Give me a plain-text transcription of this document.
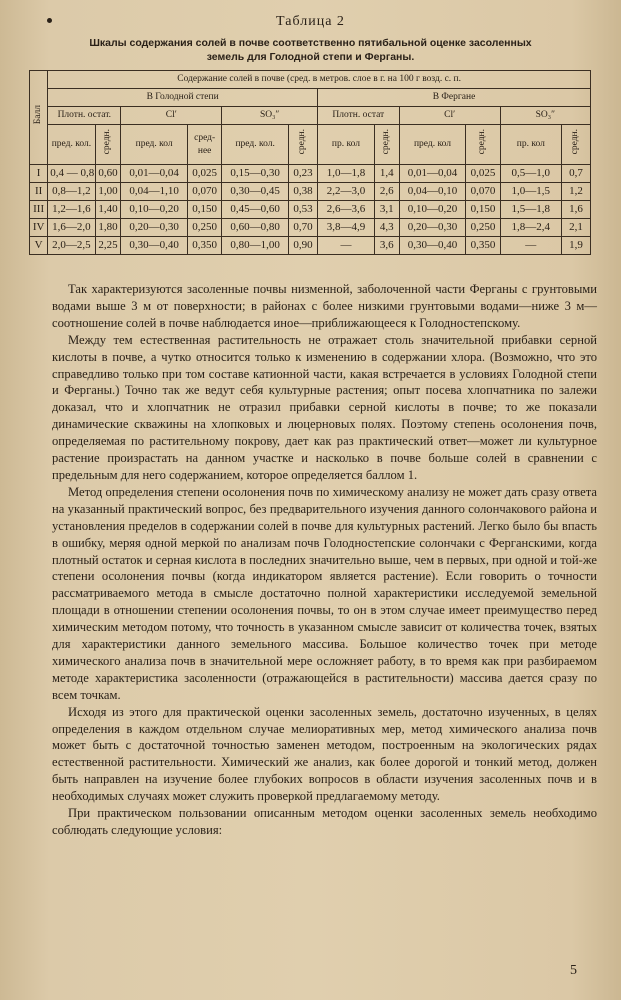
Таблица 2
Шкалы содержания солей в почве соответственно пятибальной оценке засоленных
земель для Голодной степи и Ферганы.
Балл	Содержание солей в почве (сред. в метров. слое в г. на 100 г возд. с. п.											
	В Голодной степи						В Фергане					
	Плотн. остат.		Cl′		SO₃″		Плотн. остат		Cl′		SO₃″	
	пред. кол.	средн.	пред. кол	сред-нее	пред. кол.	средн.	пр. кол	средн.	пред. кол	средн.	пр. кол	средн.
I	0,4 — 0,8	0,60	0,01—0,04	0,025	0,15—0,30	0,23	1,0—1,8	1,4	0,01—0,04	0,025	0,5—1,0	0,7
II	0,8—1,2	1,00	0,04—1,10	0,070	0,30—0,45	0,38	2,2—3,0	2,6	0,04—0,10	0,070	1,0—1,5	1,2
III	1,2—1,6	1,40	0,10—0,20	0,150	0,45—0,60	0,53	2,6—3,6	3,1	0,10—0,20	0,150	1,5—1,8	1,6
IV	1,6—2,0	1,80	0,20—0,30	0,250	0,60—0,80	0,70	3,8—4,9	4,3	0,20—0,30	0,250	1,8—2,4	2,1
V	2,0—2,5	2,25	0,30—0,40	0,350	0,80—1,00	0,90	—	3,6	0,30—0,40	0,350	—	1,9

Так характеризуются засоленные почвы низменной, заболоченной части Ферганы с грунтовыми водами выше 3 м от поверхности; в районах с более низкими грунтовыми водами—ниже 3 м—соотношение солей в почве наблюдается иное—приближающееся к Голодностепскому.

Между тем естественная растительность не отражает столь значительной прибавки серной кислоты в почве, а чутко относится только к изменению в содержании хлора. (Возможно, что это справедливо только при том составе катионной части, какая встречается в условиях Голодной степи и Ферганы.) Точно так же ведут себя культурные растения; опыт посева хлопчатника по залежи доказал, что и хлопчатник не отразил прибавки серной кислоты в почве; то же показали динамические скважины на хлопковых и люцерновых полях. Поэтому степень осолонения почв, определяемая по растительному покрову, дает как раз практический ответ—может ли культурное растение произрастать на данном участке и насколько в почве больше солей в сравнении с предельным для него содержанием, которое определяется баллом 1.

Метод определения степени осолонения почв по химическому анализу не может дать сразу ответа на указанный практический вопрос, без предварительного изучения данного солончакового района и установления пределов в содержании солей в почве для культурных растений. Легко было бы впасть в ошибку, меряя одной меркой по анализам почв Голодностепские солончаки с Ферганскими, когда плотный остаток и серная кислота в последних значительно выше, чем в первых, при одной и той-же степени осолонения почвы (когда индикатором является растение). Если говорить о точности рассматриваемого метода в смысле достаточно полной характеристики исследуемой земельной площади в отношении степении осолонения почвы, то он в этом случае имеет преимущество перед химическим методом потому, что точность в указанном смысле зависит от количества точек, взятых для характеристики данного земельного массива. Большое количество точек при методе химического анализа почв в значительной мере осложняет работу, в то время как при разбираемом методе характеристика засоленности (отражающейся в растительности) массива дается сразу по всем точкам.

Исходя из этого для практической оценки засоленных земель, достаточно изученных, в целях определения в каждом отдельном случае мелиоративных мер, метод химического анализа почв может быть с достаточной точностью заменен методом, построенным на экологических рядах естественной растительности. Химический же анализ, как более дорогой и тонкий метод, должен быть направлен на изучение более глубоких вопросов в области изучения засоленных почв и в необходимых случаях может служить проверкой предлагаемому методу.

При практическом пользовании описанным методом оценки засоленных земель необходимо соблюдать следующие условия:

5
